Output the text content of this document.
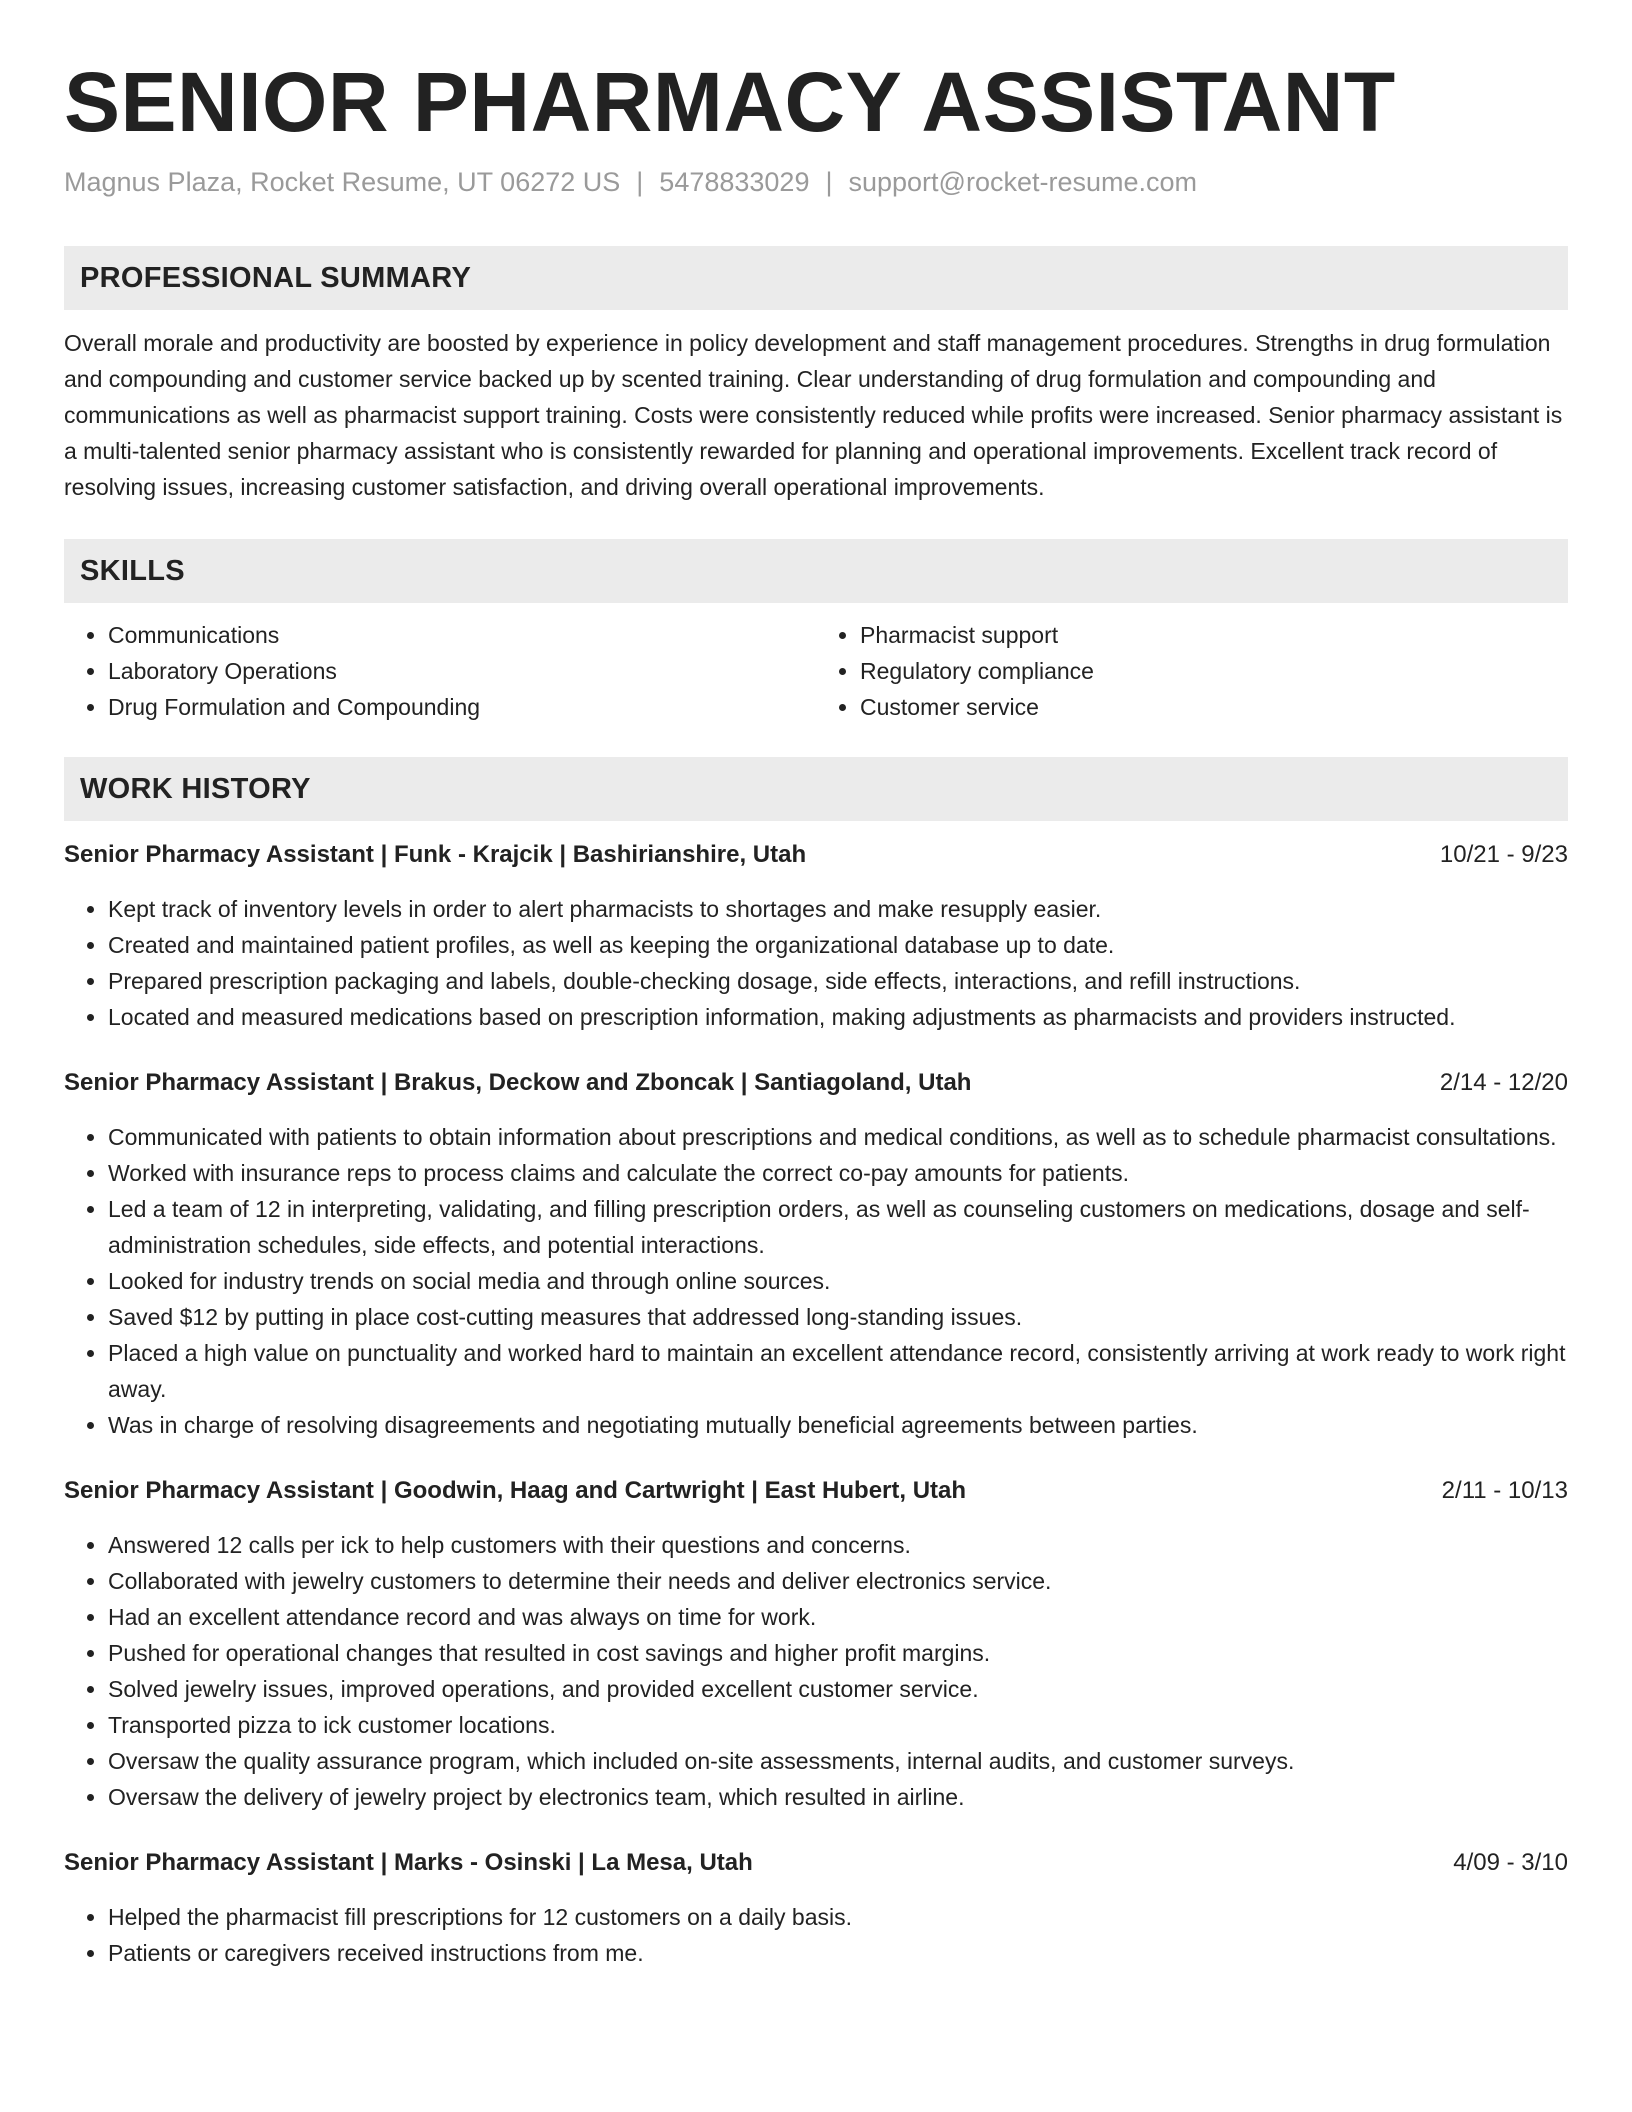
SENIOR PHARMACY ASSISTANT
Magnus Plaza, Rocket Resume, UT 06272 US | 5478833029 | support@rocket-resume.com
PROFESSIONAL SUMMARY

Overall morale and productivity are boosted by experience in policy development and staff management procedures. Strengths in drug formulation and compounding and customer service backed up by scented training. Clear understanding of drug formulation and compounding and communications as well as pharmacist support training. Costs were consistently reduced while profits were increased. Senior pharmacy assistant is a multi-talented senior pharmacy assistant who is consistently rewarded for planning and operational improvements. Excellent track record of resolving issues, increasing customer satisfaction, and driving overall operational improvements.

SKILLS
• Communications
• Laboratory Operations
• Drug Formulation and Compounding
• Pharmacist support
• Regulatory compliance
• Customer service
WORK HISTORY
Senior Pharmacy Assistant | Funk - Krajcik | Bashirianshire, Utah	10/21 - 9/23
• Kept track of inventory levels in order to alert pharmacists to shortages and make resupply easier.
• Created and maintained patient profiles, as well as keeping the organizational database up to date.
• Prepared prescription packaging and labels, double-checking dosage, side effects, interactions, and refill instructions.
• Located and measured medications based on prescription information, making adjustments as pharmacists and providers instructed.
Senior Pharmacy Assistant | Brakus, Deckow and Zboncak | Santiagoland, Utah	2/14 - 12/20
• Communicated with patients to obtain information about prescriptions and medical conditions, as well as to schedule pharmacist consultations.
• Worked with insurance reps to process claims and calculate the correct co-pay amounts for patients.
• Led a team of 12 in interpreting, validating, and filling prescription orders, as well as counseling customers on medications, dosage and self-administration schedules, side effects, and potential interactions.
• Looked for industry trends on social media and through online sources.
• Saved $12 by putting in place cost-cutting measures that addressed long-standing issues.
• Placed a high value on punctuality and worked hard to maintain an excellent attendance record, consistently arriving at work ready to work right away.
• Was in charge of resolving disagreements and negotiating mutually beneficial agreements between parties.
Senior Pharmacy Assistant | Goodwin, Haag and Cartwright | East Hubert, Utah	2/11 - 10/13
• Answered 12 calls per ick to help customers with their questions and concerns.
• Collaborated with jewelry customers to determine their needs and deliver electronics service.
• Had an excellent attendance record and was always on time for work.
• Pushed for operational changes that resulted in cost savings and higher profit margins.
• Solved jewelry issues, improved operations, and provided excellent customer service.
• Transported pizza to ick customer locations.
• Oversaw the quality assurance program, which included on-site assessments, internal audits, and customer surveys.
• Oversaw the delivery of jewelry project by electronics team, which resulted in airline.
Senior Pharmacy Assistant | Marks - Osinski | La Mesa, Utah	4/09 - 3/10
• Helped the pharmacist fill prescriptions for 12 customers on a daily basis.
• Patients or caregivers received instructions from me.
